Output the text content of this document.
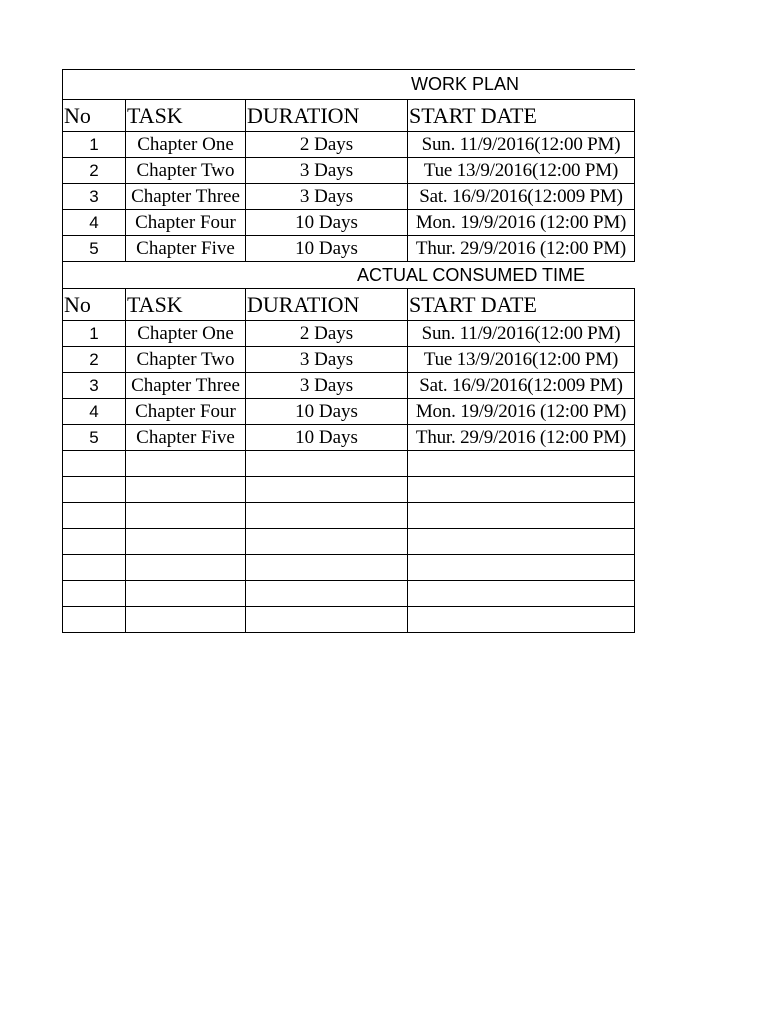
WORK PLAN			

No	TASK	DURATION	START DATE
1	Chapter One	2 Days	Sun. 11/9/2016(12:00 PM)
2	Chapter Two	3 Days	Tue 13/9/2016(12:00 PM)
3	Chapter Three	3 Days	Sat. 16/9/2016(12:009 PM)
4	Chapter Four	10 Days	Mon. 19/9/2016 (12:00 PM)
5	Chapter Five	10 Days	Thur. 29/9/2016 (12:00 PM)

ACTUAL CONSUMED TIME			

No	TASK	DURATION	START DATE
1	Chapter One	2 Days	Sun. 11/9/2016(12:00 PM)
2	Chapter Two	3 Days	Tue 13/9/2016(12:00 PM)
3	Chapter Three	3 Days	Sat. 16/9/2016(12:009 PM)
4	Chapter Four	10 Days	Mon. 19/9/2016 (12:00 PM)
5	Chapter Five	10 Days	Thur. 29/9/2016 (12:00 PM)
